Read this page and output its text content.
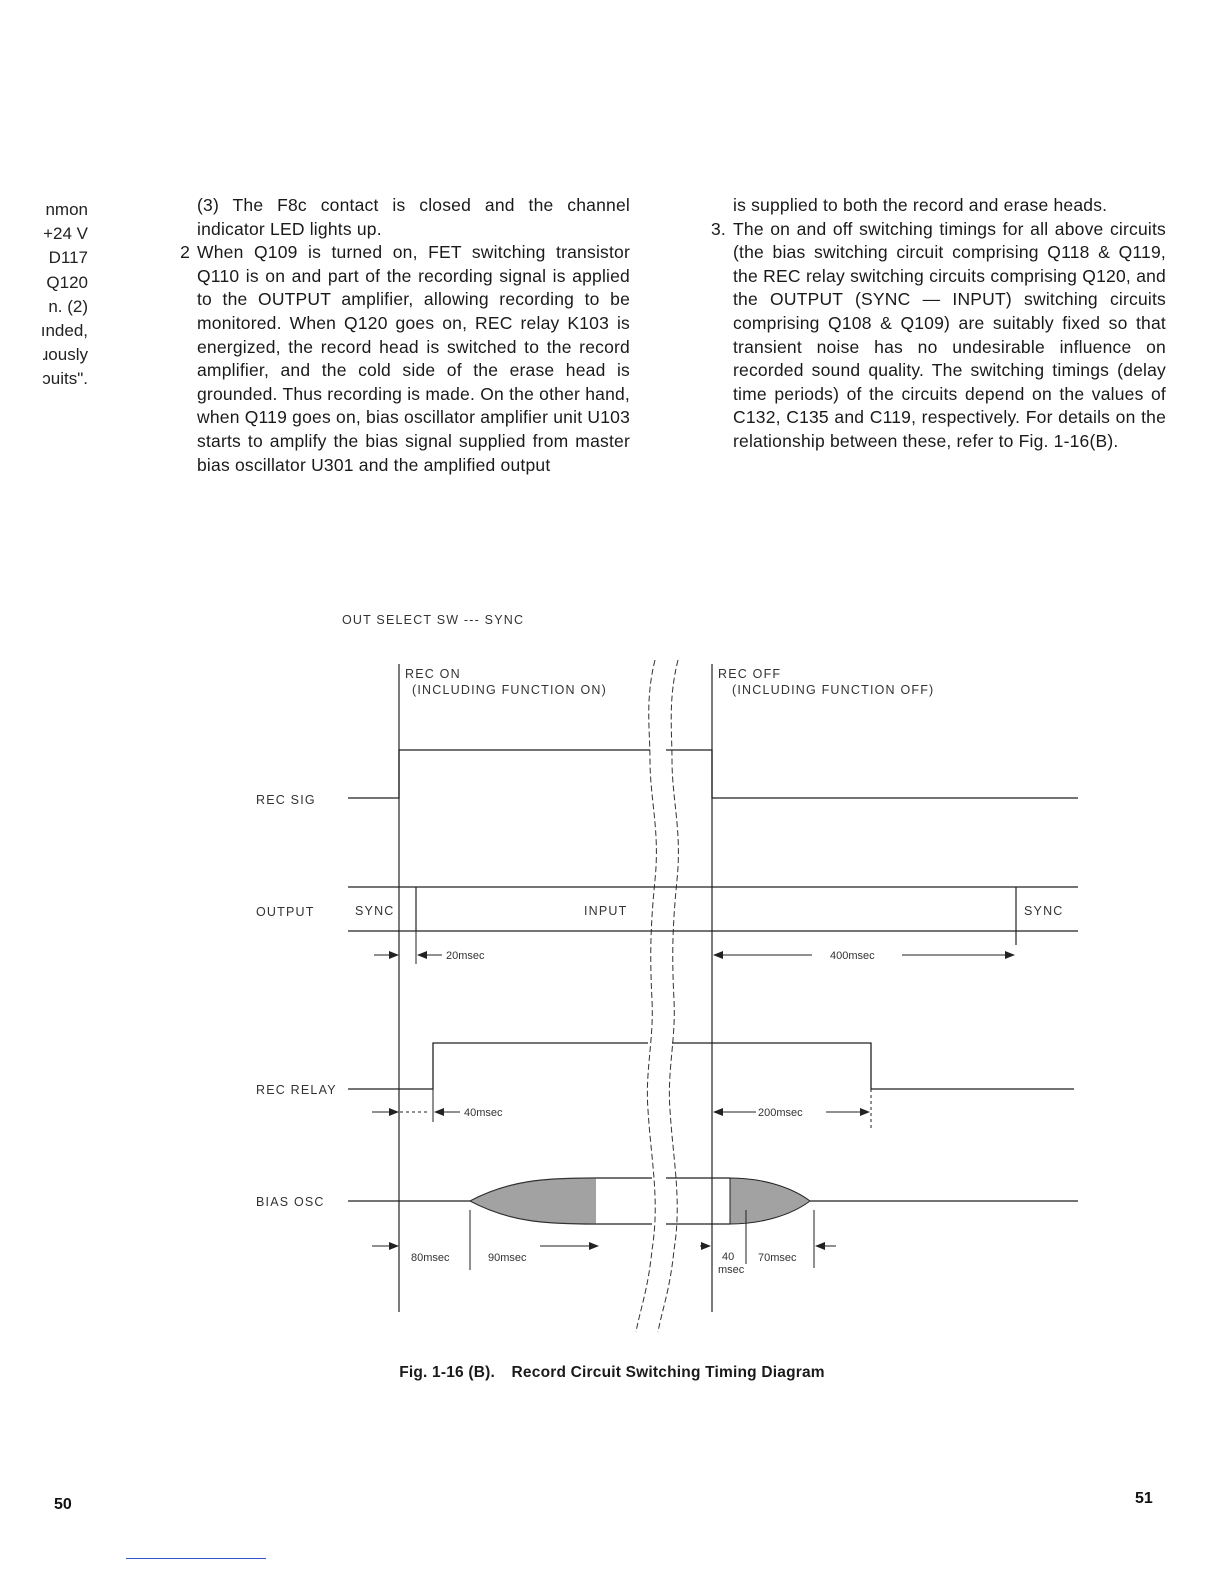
nmon
+24 V
D117
Q120
n. (2)
ınded,
ɹously
ɔuits".
(3) The F8c contact is closed and the channel indicator LED lights up.
2 When Q109 is turned on, FET switching transistor Q110 is on and part of the recording signal is applied to the OUTPUT amplifier, allowing recording to be monitored. When Q120 goes on, REC relay K103 is energized, the record head is switched to the record amplifier, and the cold side of the erase head is grounded. Thus recording is made. On the other hand, when Q119 goes on, bias oscillator amplifier unit U103 starts to amplify the bias signal supplied from master bias oscillator U301 and the amplified output
is supplied to both the record and erase heads.
3. The on and off switching timings for all above circuits (the bias switching circuit comprising Q118 & Q119, the REC relay switching circuits comprising Q120, and the OUTPUT (SYNC — INPUT) switching circuits comprising Q108 & Q109) are suitably fixed so that transient noise has no undesirable influence on recorded sound quality. The switching timings (delay time periods) of the circuits depend on the values of C132, C135 and C119, respectively. For details on the relationship between these, refer to Fig. 1-16(B).
OUT SELECT SW --- SYNC
REC ON
(INCLUDING FUNCTION ON)
REC OFF
(INCLUDING FUNCTION OFF)
REC SIG
OUTPUT	SYNC	INPUT	SYNC
20msec	400msec
REC RELAY
40msec	200msec
BIAS OSC
80msec	90msec	40
msec
70msec
Fig. 1-16 (B). Record Circuit Switching Timing Diagram
50	51
